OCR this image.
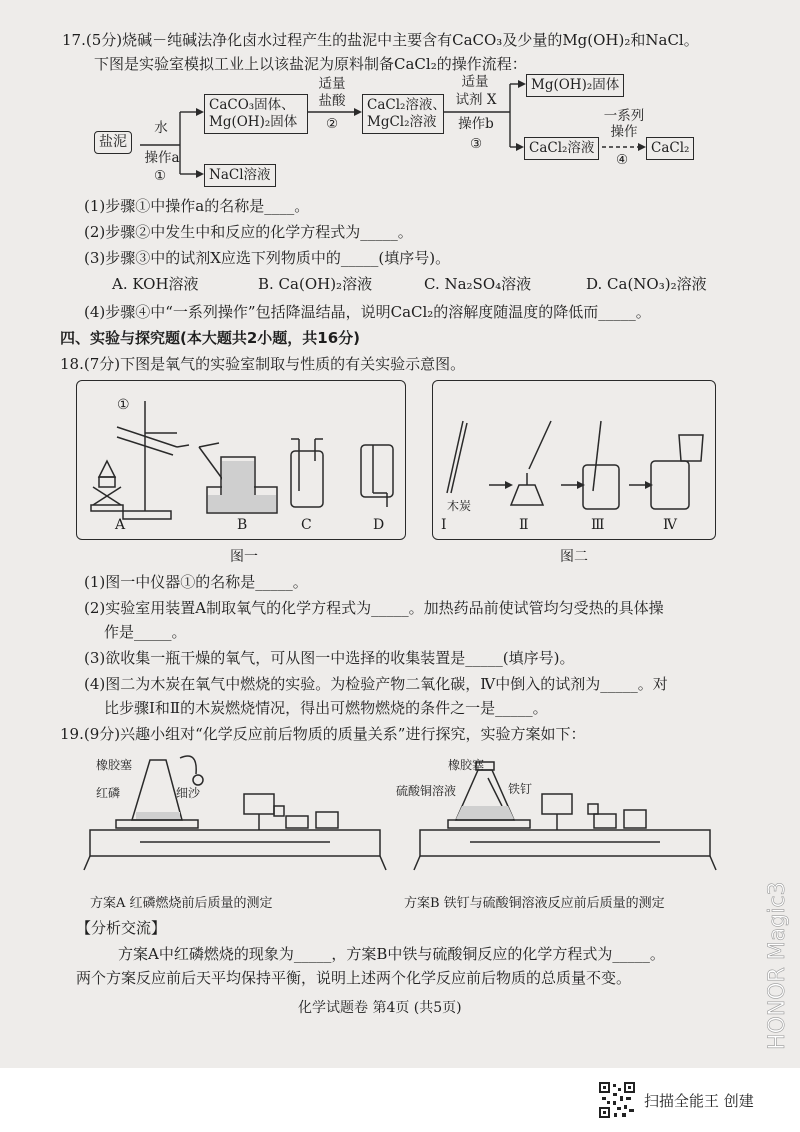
17.(5分)烧碱－纯碱法净化卤水过程产生的盐泥中主要含有CaCO₃及少量的Mg(OH)₂和NaCl。
下图是实验室模拟工业上以该盐泥为原料制备CaCl₂的操作流程：
盐泥
水
操作a
①
CaCO₃固体、
Mg(OH)₂固体
NaCl溶液
适量
盐酸
②
CaCl₂溶液、
MgCl₂溶液
适量
试剂 X
操作b
③
Mg(OH)₂固体
CaCl₂溶液
一系列
操作
④
CaCl₂
(1)步骤①中操作a的名称是____。
(2)步骤②中发生中和反应的化学方程式为_____。
(3)步骤③中的试剂X应选下列物质中的_____(填序号)。
A. KOH溶液	B. Ca(OH)₂溶液	C. Na₂SO₄溶液	D. Ca(NO₃)₂溶液
(4)步骤④中“一系列操作”包括降温结晶，说明CaCl₂的溶解度随温度的降低而_____。
四、实验与探究题(本大题共2小题，共16分)
18.(7分)下图是氧气的实验室制取与性质的有关实验示意图。
①
A	B	C	D
图一
木炭
Ⅰ	Ⅱ	Ⅲ	Ⅳ
图二
(1)图一中仪器①的名称是_____。
(2)实验室用装置A制取氧气的化学方程式为_____。加热药品前使试管均匀受热的具体操
作是_____。
(3)欲收集一瓶干燥的氧气，可从图一中选择的收集装置是_____(填序号)。
(4)图二为木炭在氧气中燃烧的实验。为检验产物二氧化碳，Ⅳ中倒入的试剂为_____。对
比步骤Ⅰ和Ⅱ的木炭燃烧情况，得出可燃物燃烧的条件之一是_____。
19.(9分)兴趣小组对“化学反应前后物质的质量关系”进行探究，实验方案如下：
橡胶塞
红磷	细沙
方案A 红磷燃烧前后质量的测定
橡胶塞
硫酸铜溶液	铁钉
方案B 铁钉与硫酸铜溶液反应前后质量的测定
【分析交流】
方案A中红磷燃烧的现象为_____，方案B中铁与硫酸铜反应的化学方程式为_____。
两个方案反应前后天平均保持平衡，说明上述两个化学反应前后物质的总质量不变。
化学试题卷 第4页 (共5页)	HONOR Magic3
扫描全能王 创建
